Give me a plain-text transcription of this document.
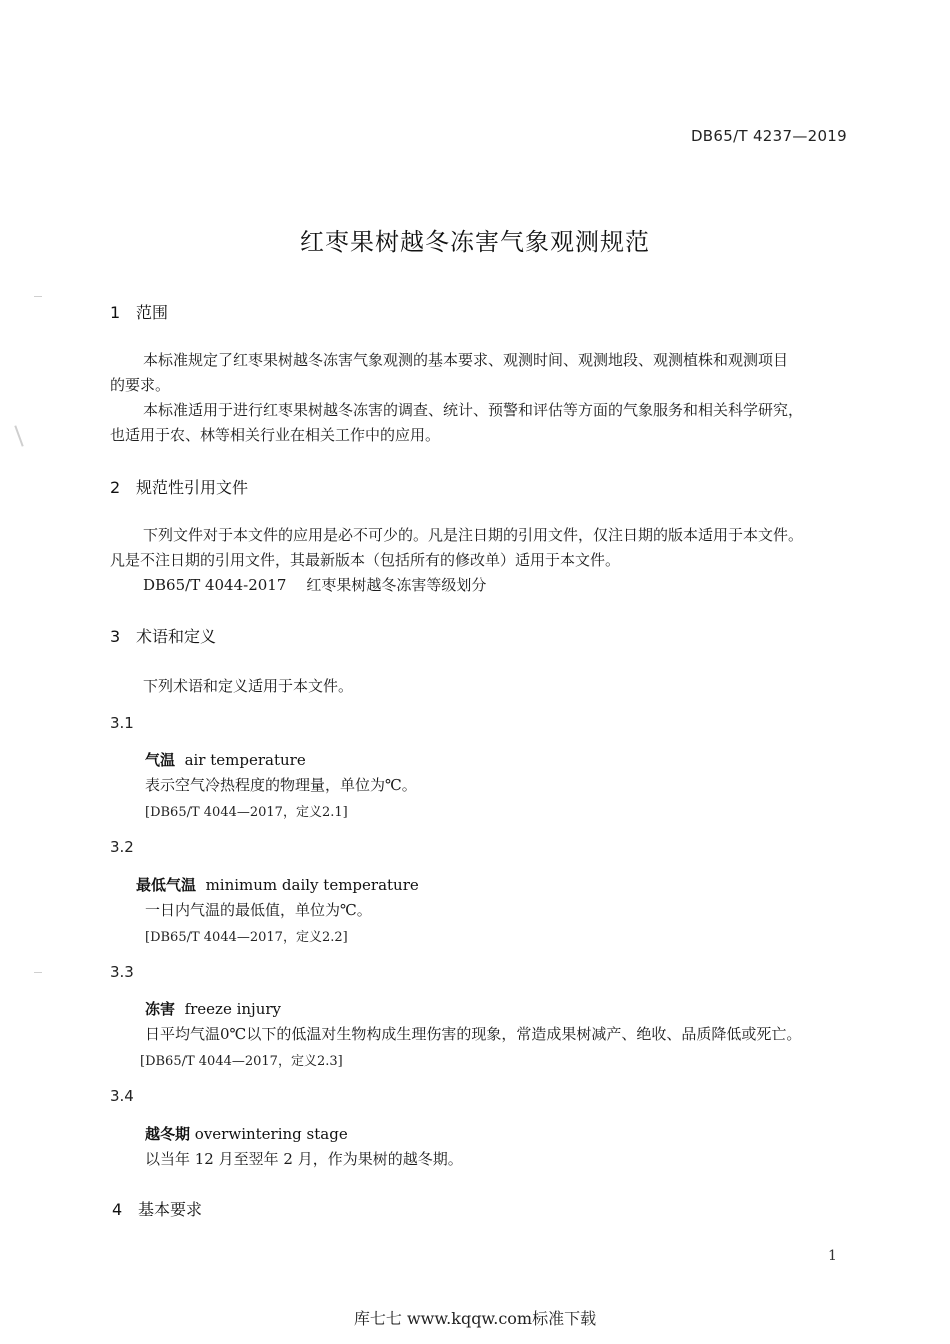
DB65/T 4237—2019
红枣果树越冬冻害气象观测规范
1 范围
本标准规定了红枣果树越冬冻害气象观测的基本要求、观测时间、观测地段、观测植株和观测项目
的要求。
本标准适用于进行红枣果树越冬冻害的调查、统计、预警和评估等方面的气象服务和相关科学研究，
也适用于农、林等相关行业在相关工作中的应用。
2 规范性引用文件
下列文件对于本文件的应用是必不可少的。凡是注日期的引用文件，仅注日期的版本适用于本文件。
凡是不注日期的引用文件，其最新版本（包括所有的修改单）适用于本文件。
DB65/T 4044-2017 红枣果树越冬冻害等级划分
3 术语和定义
下列术语和定义适用于本文件。
3.1
气温 air temperature
表示空气冷热程度的物理量，单位为℃。
[DB65/T 4044—2017，定义2.1]
3.2
最低气温 minimum daily temperature
一日内气温的最低值，单位为℃。
[DB65/T 4044—2017，定义2.2]
3.3
冻害 freeze injury
日平均气温0℃以下的低温对生物构成生理伤害的现象，常造成果树减产、绝收、品质降低或死亡。
[DB65/T 4044—2017，定义2.3]
3.4
越冬期 overwintering stage
以当年 12 月至翌年 2 月，作为果树的越冬期。
4 基本要求
1
库七七 www.kqqw.com标准下载
